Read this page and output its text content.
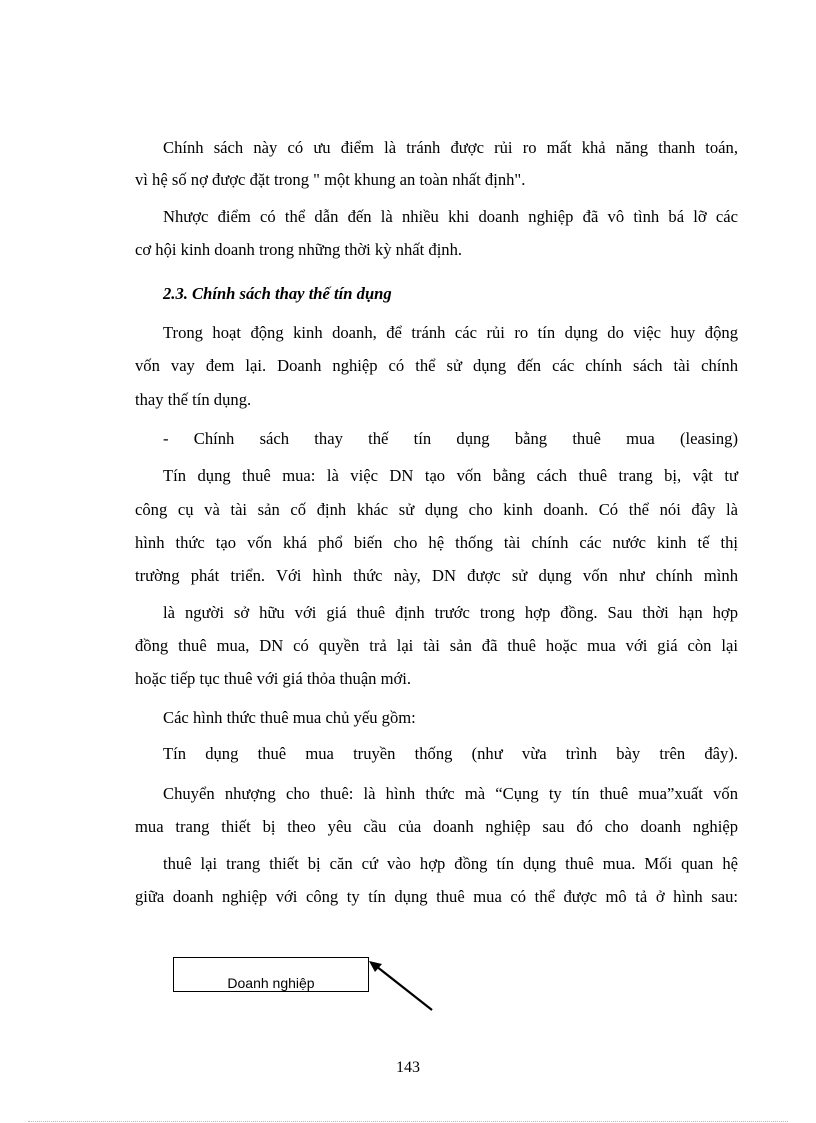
Chính sách này có ưu điểm là tránh được rủi ro mất khả năng thanh toán,
vì hệ số nợ được đặt trong " một khung an toàn nhất định".
Nhược điểm có thể dẫn đến là nhiều khi doanh nghiệp đã vô tình bá lỡ các
cơ hội kinh doanh trong những thời kỳ nhất định.
2.3. Chính sách thay thế tín dụng
Trong hoạt động kinh doanh, để tránh các rủi ro tín dụng do việc huy động
vốn vay đem lại. Doanh nghiệp có thể sử dụng đến các chính sách tài chính
thay thế tín dụng.
- Chính sách thay thế tín dụng bằng thuê mua (leasing)
Tín dụng thuê mua: là việc DN tạo vốn bằng cách thuê trang bị, vật tư
công cụ và tài sản cố định khác sử dụng cho kinh doanh. Có thể nói đây là
hình thức tạo vốn khá phổ biến cho hệ thống tài chính các nước kinh tế thị
trường phát triển. Với hình thức này, DN được sử dụng vốn như chính mình
là người sở hữu với giá thuê định trước trong hợp đồng. Sau thời hạn hợp
đồng thuê mua, DN có quyền trả lại tài sản đã thuê hoặc mua với giá còn lại
hoặc tiếp tục thuê với giá thỏa thuận mới.
Các hình thức thuê mua chủ yếu gồm:
Tín dụng thuê mua truyền thống (như vừa trình bày trên đây).
Chuyển nhượng cho thuê: là hình thức mà “Cụng ty tín thuê mua”xuất vốn
mua trang thiết bị theo yêu cầu của doanh nghiệp sau đó cho doanh nghiệp
thuê lại trang thiết bị căn cứ vào hợp đồng tín dụng thuê mua. Mối quan hệ
giữa doanh nghiệp với công ty tín dụng thuê mua có thể được mô tả ở hình sau:
Doanh nghiệp
143
